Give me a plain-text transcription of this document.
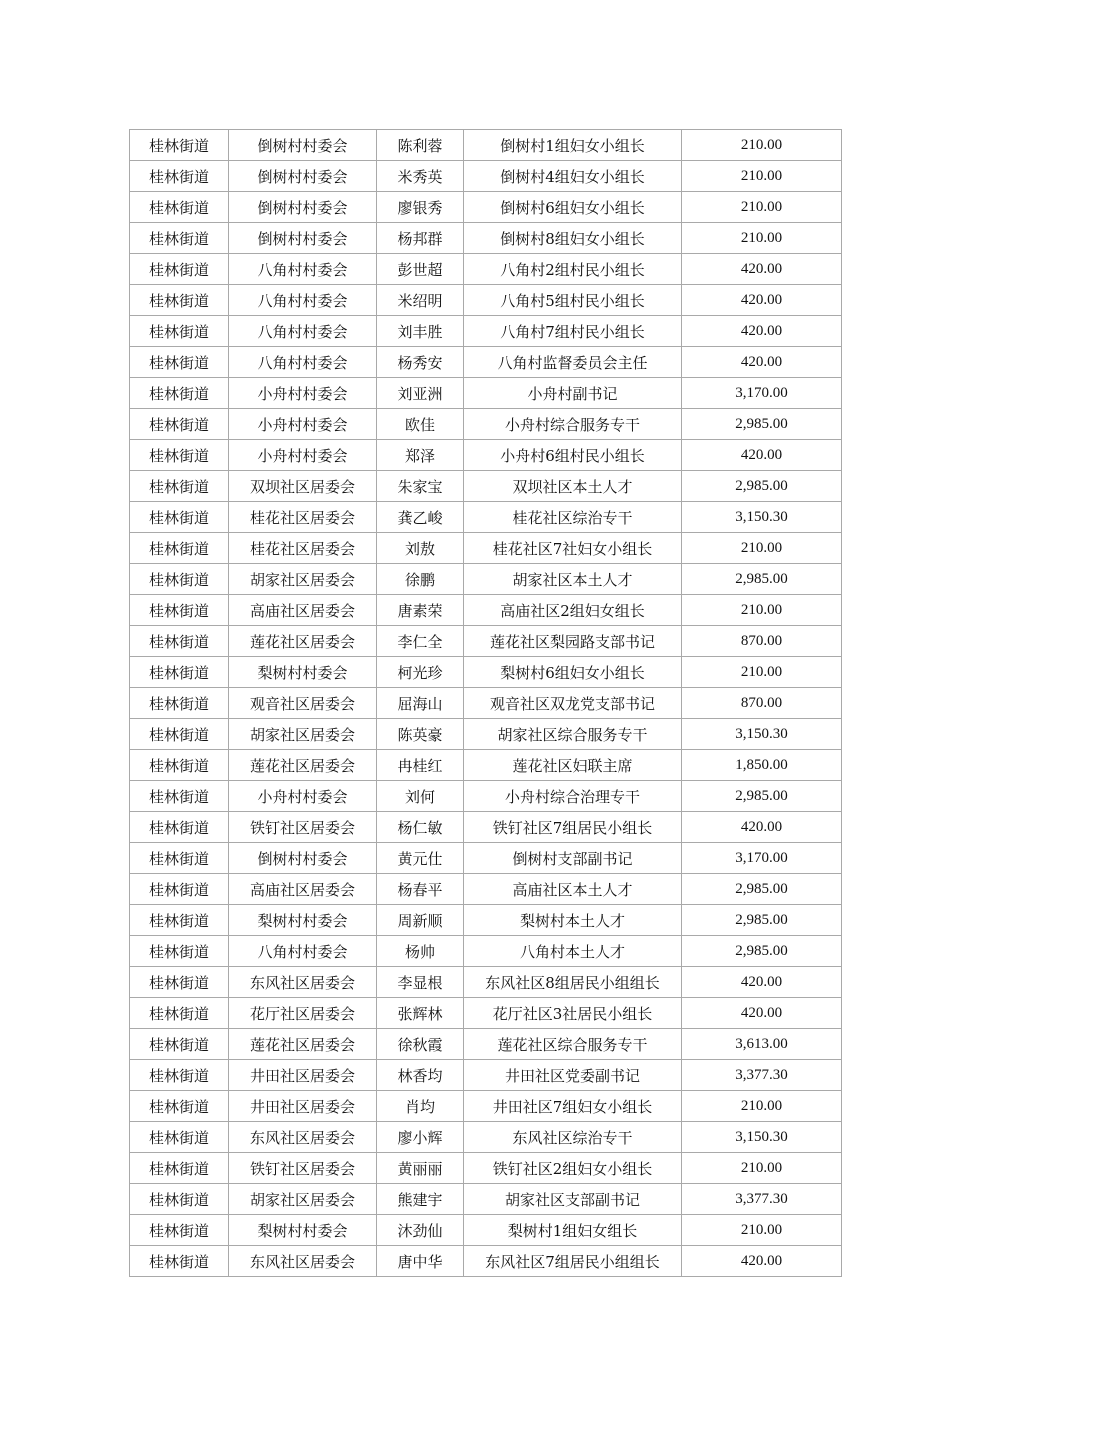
桂林街道	倒树村村委会	陈利蓉	倒树村1组妇女小组长	210.00
桂林街道	倒树村村委会	米秀英	倒树村4组妇女小组长	210.00
桂林街道	倒树村村委会	廖银秀	倒树村6组妇女小组长	210.00
桂林街道	倒树村村委会	杨邦群	倒树村8组妇女小组长	210.00
桂林街道	八角村村委会	彭世超	八角村2组村民小组长	420.00
桂林街道	八角村村委会	米绍明	八角村5组村民小组长	420.00
桂林街道	八角村村委会	刘丰胜	八角村7组村民小组长	420.00
桂林街道	八角村村委会	杨秀安	八角村监督委员会主任	420.00
桂林街道	小舟村村委会	刘亚洲	小舟村副书记	3,170.00
桂林街道	小舟村村委会	欧佳	小舟村综合服务专干	2,985.00
桂林街道	小舟村村委会	郑泽	小舟村6组村民小组长	420.00
桂林街道	双坝社区居委会	朱家宝	双坝社区本土人才	2,985.00
桂林街道	桂花社区居委会	龚乙峻	桂花社区综治专干	3,150.30
桂林街道	桂花社区居委会	刘敖	桂花社区7社妇女小组长	210.00
桂林街道	胡家社区居委会	徐鹏	胡家社区本土人才	2,985.00
桂林街道	高庙社区居委会	唐素荣	高庙社区2组妇女组长	210.00
桂林街道	莲花社区居委会	李仁全	莲花社区梨园路支部书记	870.00
桂林街道	梨树村村委会	柯光珍	梨树村6组妇女小组长	210.00
桂林街道	观音社区居委会	屈海山	观音社区双龙党支部书记	870.00
桂林街道	胡家社区居委会	陈英豪	胡家社区综合服务专干	3,150.30
桂林街道	莲花社区居委会	冉桂红	莲花社区妇联主席	1,850.00
桂林街道	小舟村村委会	刘何	小舟村综合治理专干	2,985.00
桂林街道	铁钉社区居委会	杨仁敏	铁钉社区7组居民小组长	420.00
桂林街道	倒树村村委会	黄元仕	倒树村支部副书记	3,170.00
桂林街道	高庙社区居委会	杨春平	高庙社区本土人才	2,985.00
桂林街道	梨树村村委会	周新顺	梨树村本土人才	2,985.00
桂林街道	八角村村委会	杨帅	八角村本土人才	2,985.00
桂林街道	东风社区居委会	李显根	东风社区8组居民小组组长	420.00
桂林街道	花厅社区居委会	张辉林	花厅社区3社居民小组长	420.00
桂林街道	莲花社区居委会	徐秋霞	莲花社区综合服务专干	3,613.00
桂林街道	井田社区居委会	林香均	井田社区党委副书记	3,377.30
桂林街道	井田社区居委会	肖均	井田社区7组妇女小组长	210.00
桂林街道	东风社区居委会	廖小辉	东风社区综治专干	3,150.30
桂林街道	铁钉社区居委会	黄丽丽	铁钉社区2组妇女小组长	210.00
桂林街道	胡家社区居委会	熊建宇	胡家社区支部副书记	3,377.30
桂林街道	梨树村村委会	沐劲仙	梨树村1组妇女组长	210.00
桂林街道	东风社区居委会	唐中华	东风社区7组居民小组组长	420.00
